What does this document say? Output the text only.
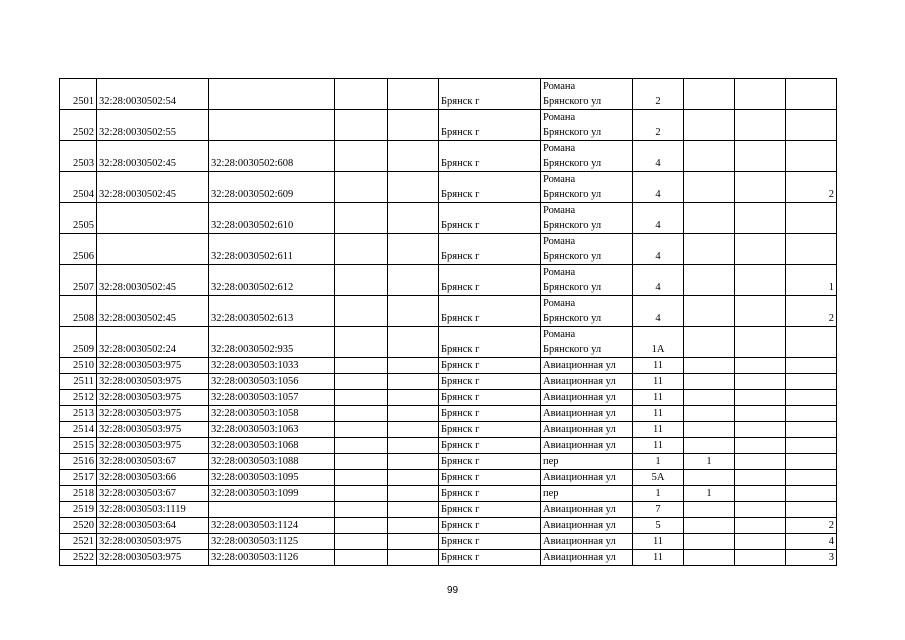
2501	32:28:0030502:54				Брянск г	Романа
Брянского ул	2			
2502	32:28:0030502:55				Брянск г	Романа
Брянского ул	2			
2503	32:28:0030502:45	32:28:0030502:608			Брянск г	Романа
Брянского ул	4			
2504	32:28:0030502:45	32:28:0030502:609			Брянск г	Романа
Брянского ул	4			2
2505		32:28:0030502:610			Брянск г	Романа
Брянского ул	4			
2506		32:28:0030502:611			Брянск г	Романа
Брянского ул	4			
2507	32:28:0030502:45	32:28:0030502:612			Брянск г	Романа
Брянского ул	4			1
2508	32:28:0030502:45	32:28:0030502:613			Брянск г	Романа
Брянского ул	4			2
2509	32:28:0030502:24	32:28:0030502:935			Брянск г	Романа
Брянского ул	1А			
2510	32:28:0030503:975	32:28:0030503:1033			Брянск г	Авиационная ул	11			
2511	32:28:0030503:975	32:28:0030503:1056			Брянск г	Авиационная ул	11			
2512	32:28:0030503:975	32:28:0030503:1057			Брянск г	Авиационная ул	11			
2513	32:28:0030503:975	32:28:0030503:1058			Брянск г	Авиационная ул	11			
2514	32:28:0030503:975	32:28:0030503:1063			Брянск г	Авиационная ул	11			
2515	32:28:0030503:975	32:28:0030503:1068			Брянск г	Авиационная ул	11			
2516	32:28:0030503:67	32:28:0030503:1088			Брянск г	пер	1	1		
2517	32:28:0030503:66	32:28:0030503:1095			Брянск г	Авиационная ул	5А			
2518	32:28:0030503:67	32:28:0030503:1099			Брянск г	пер	1	1		
2519	32:28:0030503:1119				Брянск г	Авиационная ул	7			
2520	32:28:0030503:64	32:28:0030503:1124			Брянск г	Авиационная ул	5			2
2521	32:28:0030503:975	32:28:0030503:1125			Брянск г	Авиационная ул	11			4
2522	32:28:0030503:975	32:28:0030503:1126			Брянск г	Авиационная ул	11			3
99
